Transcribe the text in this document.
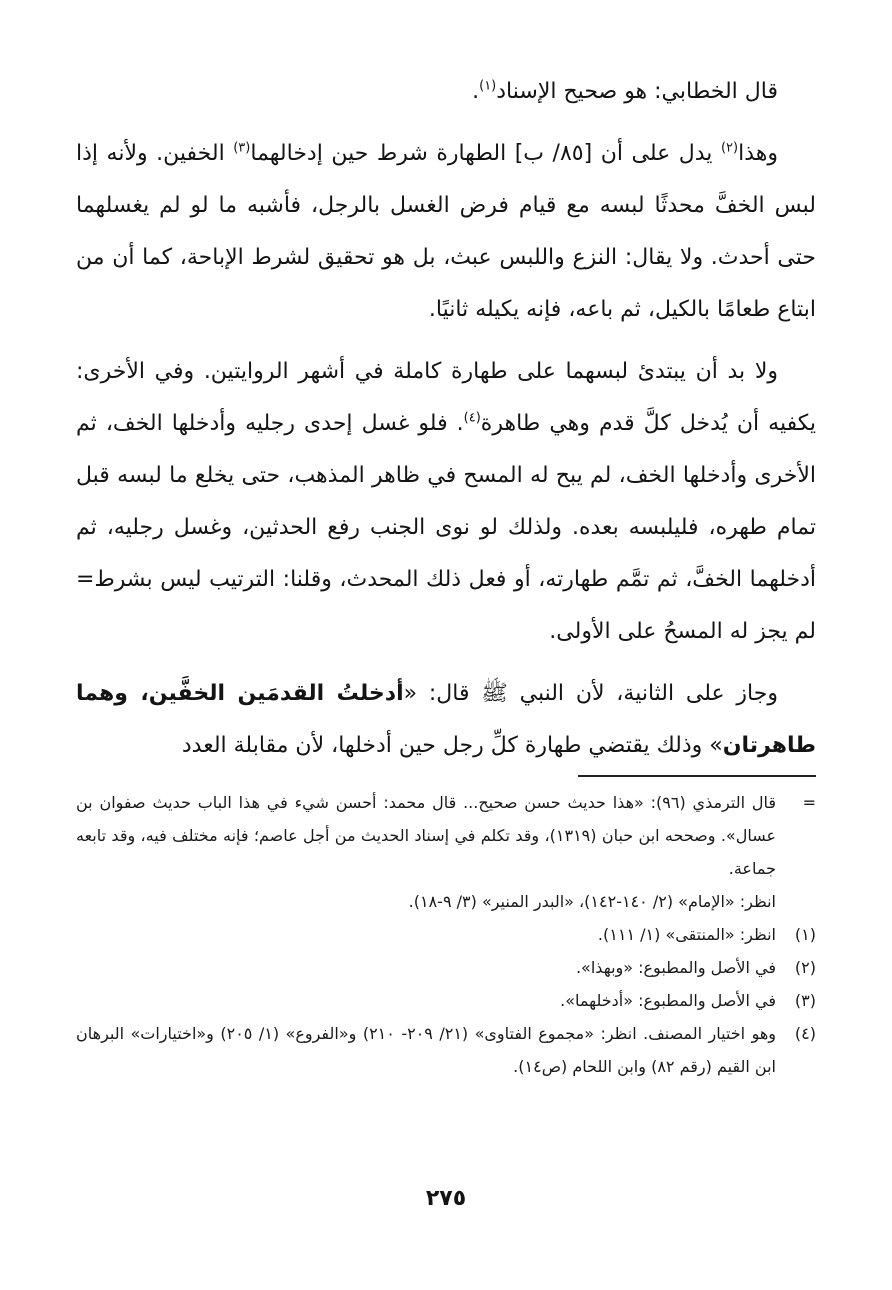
قال الخطابي: هو صحيح الإسناد$^{(١)}$.

وهذا$^{(٢)}$ يدل على أن [٨٥/ ب] الطهارة شرط حين إدخالهما$^{(٣)}$ الخفين. ولأنه إذا لبس الخفَّ محدثًا لبسه مع قيام فرض الغسل بالرجل، فأشبه ما لو لم يغسلهما حتى أحدث. ولا يقال: النزع واللبس عبث، بل هو تحقيق لشرط الإباحة، كما أن من ابتاع طعامًا بالكيل، ثم باعه، فإنه يكيله ثانيًا.

ولا بد أن يبتدئ لبسهما على طهارة كاملة في أشهر الروايتين. وفي الأخرى: يكفيه أن يُدخل كلَّ قدم وهي طاهرة$^{(٤)}$. فلو غسل إحدى رجليه وأدخلها الخف، ثم الأخرى وأدخلها الخف، لم يبح له المسح في ظاهر المذهب، حتى يخلع ما لبسه قبل تمام طهره، فليلبسه بعده. ولذلك لو نوى الجنب رفع الحدثين، وغسل رجليه، ثم أدخلهما الخفَّ، ثم تمَّم طهارته، أو فعل ذلك المحدث، وقلنا: الترتيب ليس بشرط= لم يجز له المسحُ على الأولى.

وجاز على الثانية، لأن النبي ﷺ قال: «أدخلتُ القدمَين الخفَّين، وهما طاهرتان» وذلك يقتضي طهارة كلِّ رجل حين أدخلها، لأن مقابلة العدد

=

قال الترمذي (٩٦): «هذا حديث حسن صحيح... قال محمد: أحسن شيء في هذا الباب حديث صفوان بن عسال». وصححه ابن حبان (١٣١٩)، وقد تكلم في إسناد الحديث من أجل عاصم؛ فإنه مختلف فيه، وقد تابعه جماعة.

انظر: «الإمام» (٢/ ١٤٠-١٤٢)، «البدر المنير» (٣/ ٩-١٨).

(١)
انظر: «المنتقى» (١/ ١١١).
(٢)
في الأصل والمطبوع: «وبهذا».
(٣)
في الأصل والمطبوع: «أدخلهما».
(٤)
وهو اختيار المصنف. انظر: «مجموع الفتاوى» (٢١/ ٢٠٩- ٢١٠) و«الفروع» (١/ ٢٠٥) و«اختيارات» البرهان ابن القيم (رقم ٨٢) وابن اللحام (ص١٤).
٢٧٥
